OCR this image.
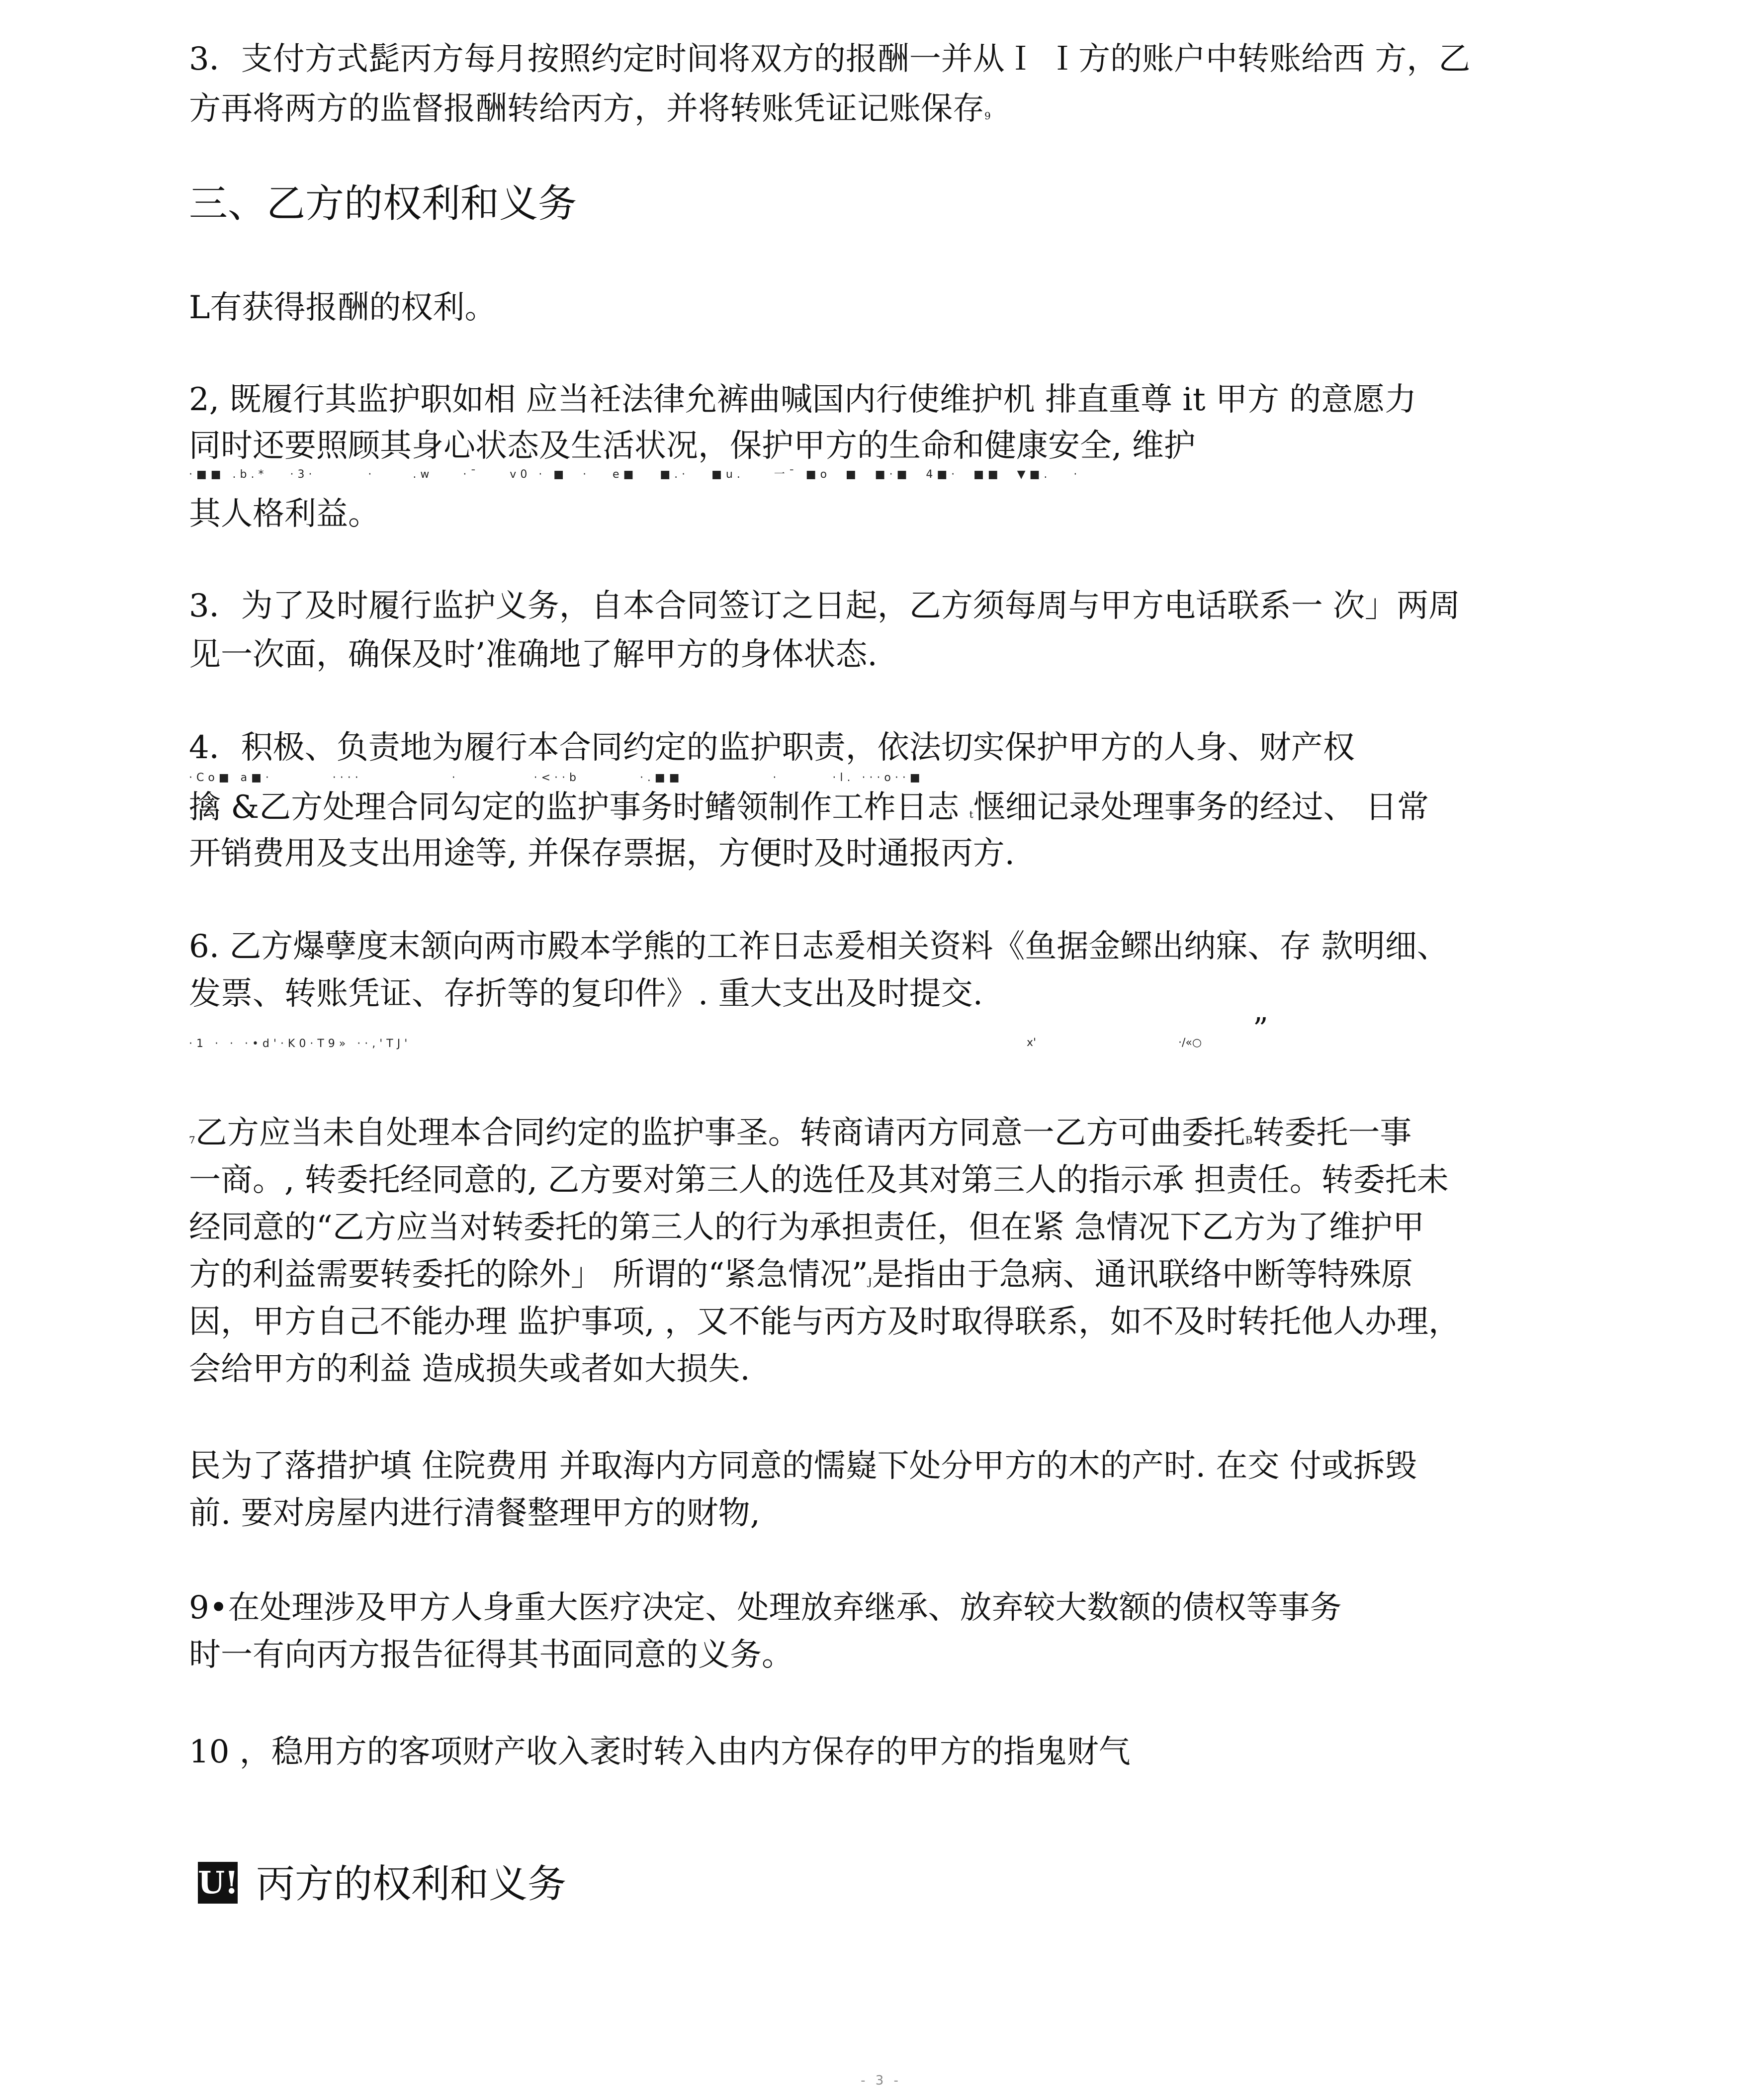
3．支付方式髭丙方每月按照约定时间将双方的报酬一并从Ｉ Ｉ方的账户中转账给西 方，乙
方再将两方的监督报酬转给丙方，并将转账凭证记账保存9
三、乙方的权利和义务
L有获得报酬的权利。
2, 既履行其监护职如相 应当衽法律允裤曲喊国内行使维护机 排直重尊 it 甲方 的意愿力
同时还要照顾其身心状态及生活状况，保护甲方的生命和健康安全, 维护
·■■ .b.*   ·3·       ·     .w    ·ˉ    v0 · ■  ·   e■   ■.·   ■u.    一ˉ ■o  ■  ■·■  4■·  ■■  ▼■.   ·
其人格利益。
3．为了及时履行监护义务，自本合同签订之日起，乙方须每周与甲方电话联系一 次」两周
见一次面，确保及时’准确地了解甲方的身体状态.
4．积极、负责地为履行本合同约定的监护职责，依法切实保护甲方的人身、财产权
·Co■ a■·        ····            ·          ·<··b        ·.■■            ·       ·l. ···o··■
擒 &乙方处理合同勾定的监护事务时鳍领制作工柞日志 t惬细记录处理事务的经过、 日常
开销费用及支出用途等, 并保存票据，方便时及时通报丙方.
6. 乙方爆孽度末颔向两市殿本学熊的工祚日志爰相关资料《鱼据金鳏出纳寐、存 款明细、
发票、转账凭证、存折等的复印件》. 重大支出及时提交.
·1 · · ·•d'·K0·T9» ··,'TJ'	x'	·/«○ ”
7乙方应当未自处理本合同约定的监护事圣。转商请丙方同意一乙方可曲委托B转委托一事
一商。, 转委托经同意的, 乙方要对第三人的选任及其对第三人的指示承 担责任。转委托未
经同意的“乙方应当对转委托的第三人的行为承担责任，但在紧 急情况下乙方为了维护甲
方的利益需要转委托的除外」 所谓的“紧急情况”J是指由于急病、通讯联络中断等特殊原
因，甲方自己不能办理 监护事项, ，又不能与丙方及时取得联系，如不及时转托他人办理，
会给甲方的利益 造成损失或者如大损失.
民为了落措护填 住院费用 并取海内方同意的懦嶷下处分甲方的木的产时. 在交 付或拆毁
前. 要对房屋内进行清餐整理甲方的财物,
9•在处理涉及甲方人身重大医疗决定、处理放弃继承、放弃较大数额的债权等事务
时一有向丙方报告征得其书面同意的义务。
10 ，稳用方的客项财产收入袤时转入由内方保存的甲方的指鬼财气
U! 丙方的权利和义务
- 3 -
